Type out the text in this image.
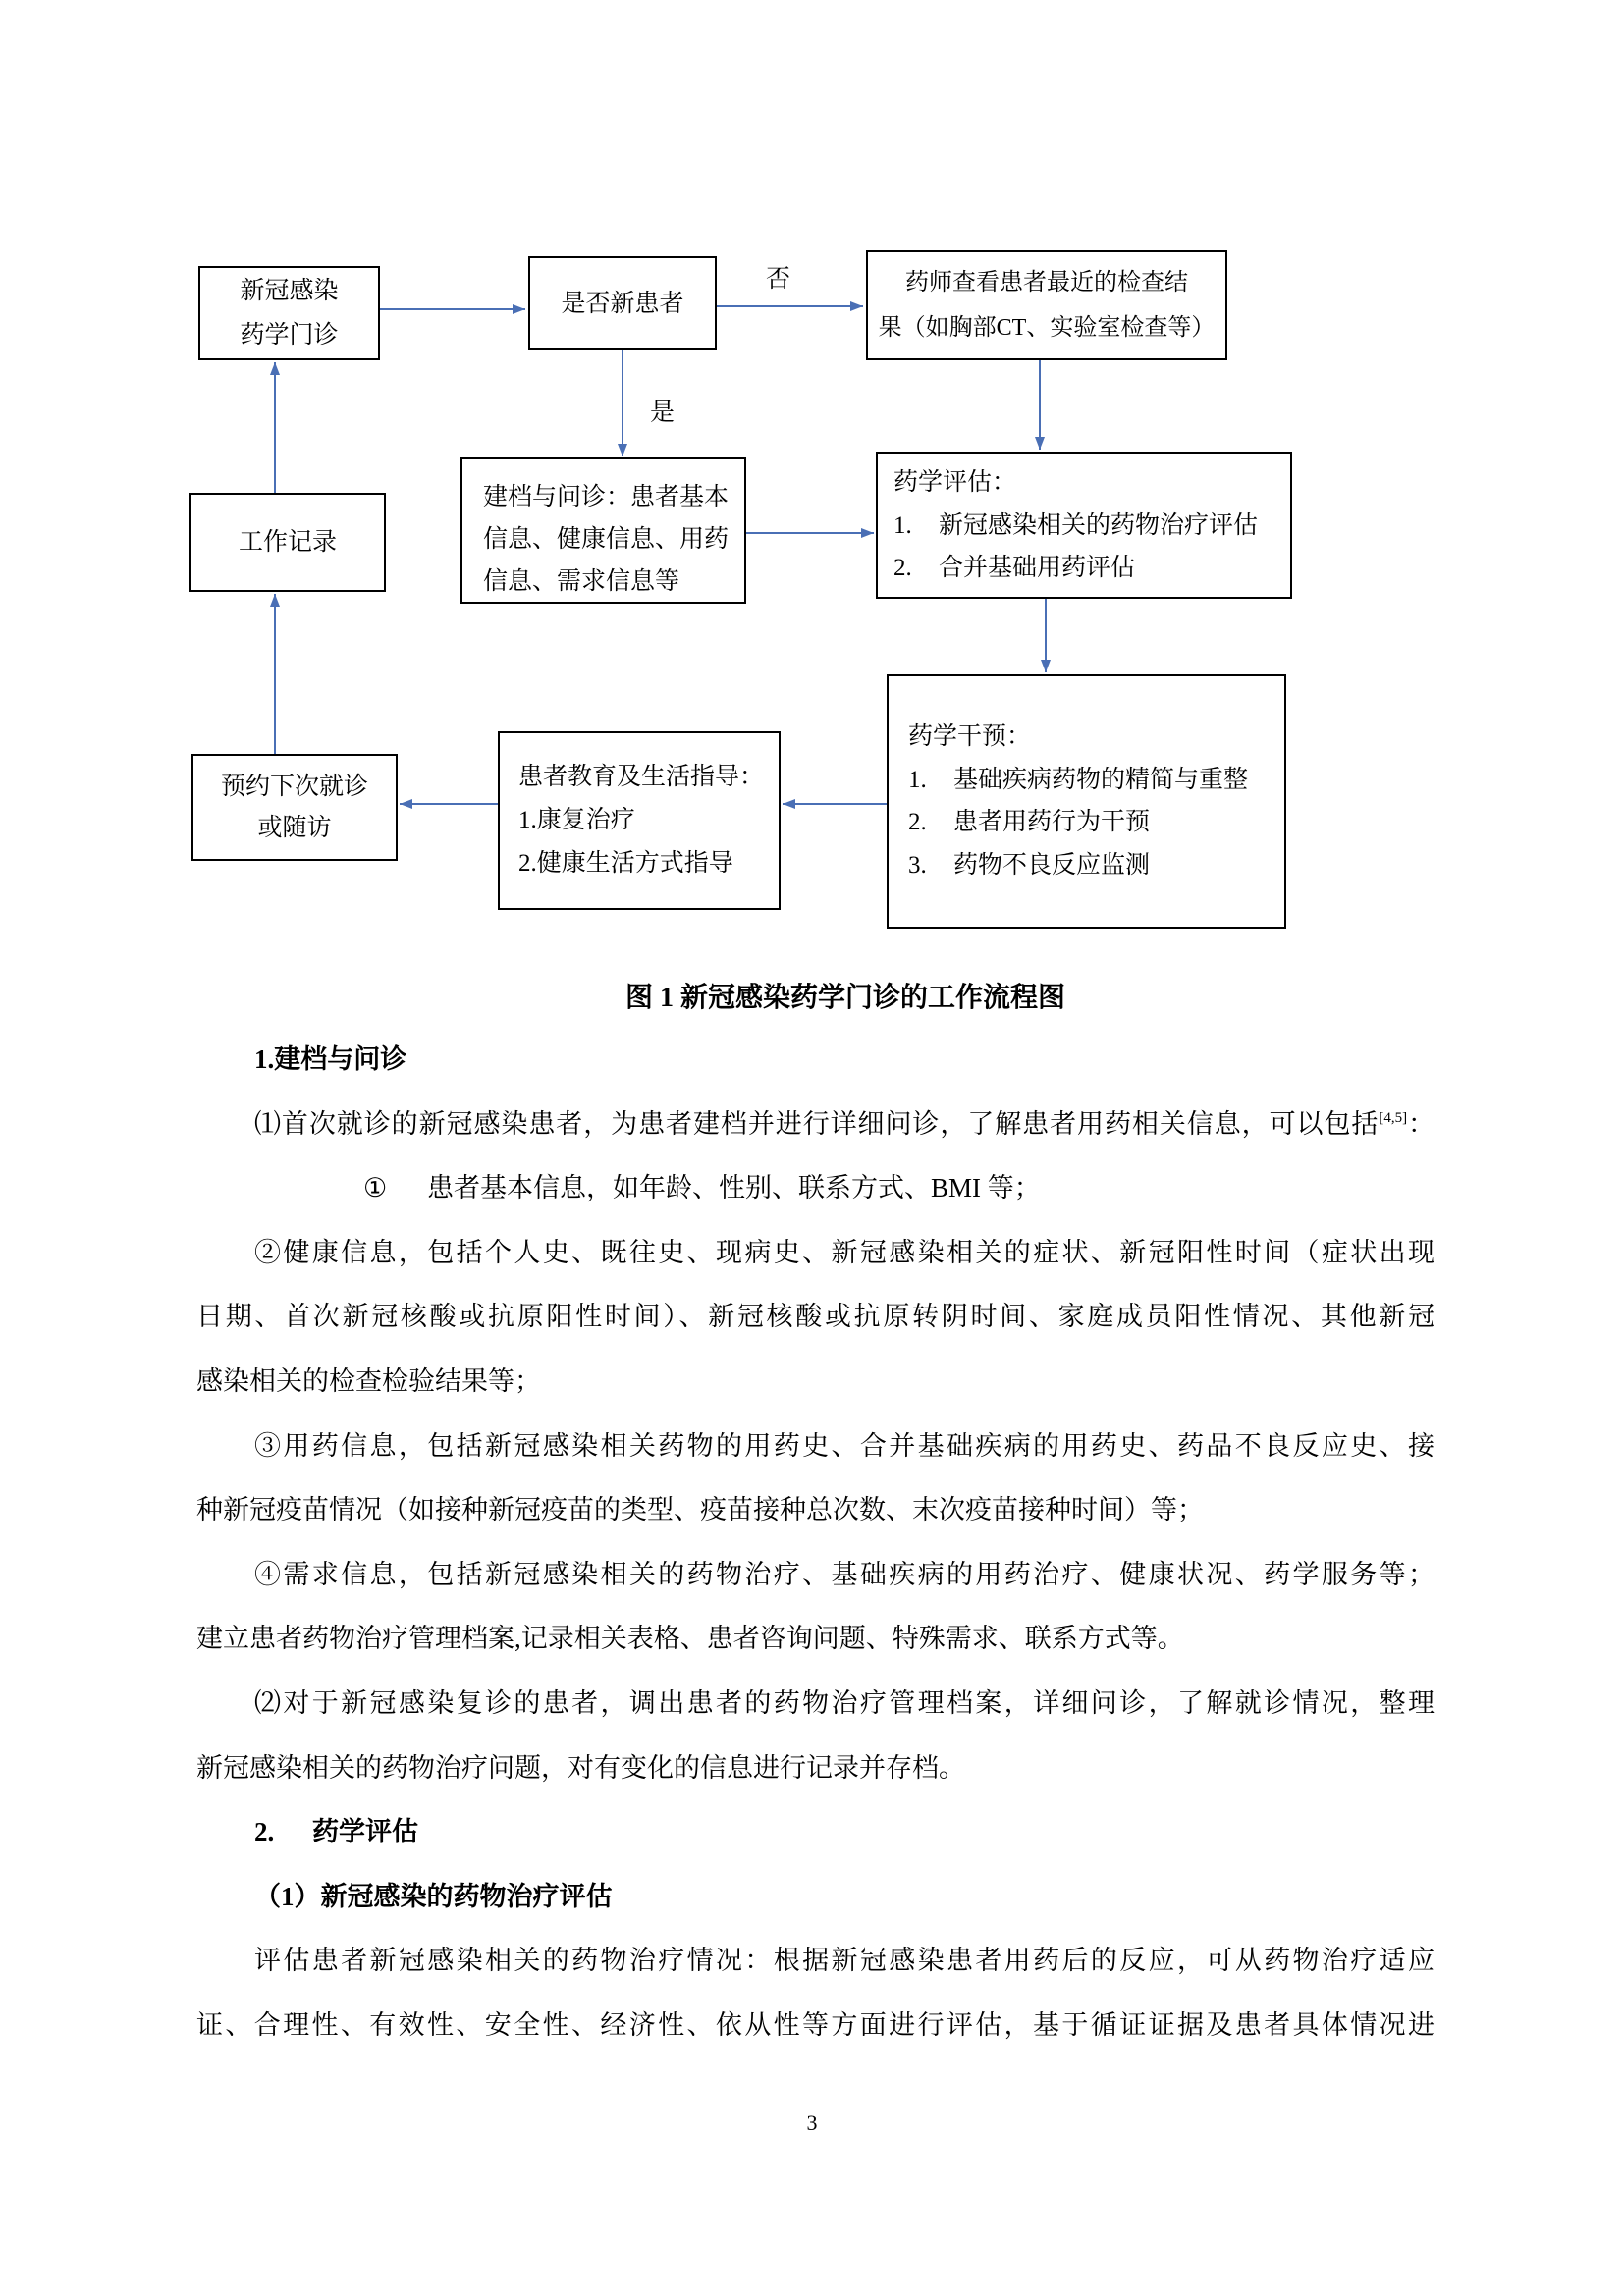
新冠感染
药学门诊
是否新患者
否
是
药师查看患者最近的检查结
果（如胸部CT、实验室检查等）
建档与问诊：患者基本
信息、健康信息、用药
信息、需求信息等
药学评估：
1.	新冠感染相关的药物治疗评估
2.	合并基础用药评估
工作记录
药学干预：
1.	基础疾病药物的精简与重整
2.	患者用药行为干预
3.	药物不良反应监测
患者教育及生活指导：
1.康复治疗
2.健康生活方式指导
预约下次就诊
或随访
图 1 新冠感染药学门诊的工作流程图
1.建档与问诊
⑴首次就诊的新冠感染患者，为患者建档并进行详细问诊，了解患者用药相关信息，可以包括[4,5]：
① 患者基本信息，如年龄、性别、联系方式、BMI 等；
②健康信息，包括个人史、既往史、现病史、新冠感染相关的症状、新冠阳性时间（症状出现
日期、首次新冠核酸或抗原阳性时间）、新冠核酸或抗原转阴时间、家庭成员阳性情况、其他新冠
感染相关的检查检验结果等；
③用药信息，包括新冠感染相关药物的用药史、合并基础疾病的用药史、药品不良反应史、接
种新冠疫苗情况（如接种新冠疫苗的类型、疫苗接种总次数、末次疫苗接种时间）等；
④需求信息，包括新冠感染相关的药物治疗、基础疾病的用药治疗、健康状况、药学服务等；
建立患者药物治疗管理档案,记录相关表格、患者咨询问题、特殊需求、联系方式等。
⑵对于新冠感染复诊的患者，调出患者的药物治疗管理档案，详细问诊，了解就诊情况，整理
新冠感染相关的药物治疗问题，对有变化的信息进行记录并存档。
2. 药学评估
（1）新冠感染的药物治疗评估
评估患者新冠感染相关的药物治疗情况：根据新冠感染患者用药后的反应，可从药物治疗适应
证、合理性、有效性、安全性、经济性、依从性等方面进行评估，基于循证证据及患者具体情况进
3
